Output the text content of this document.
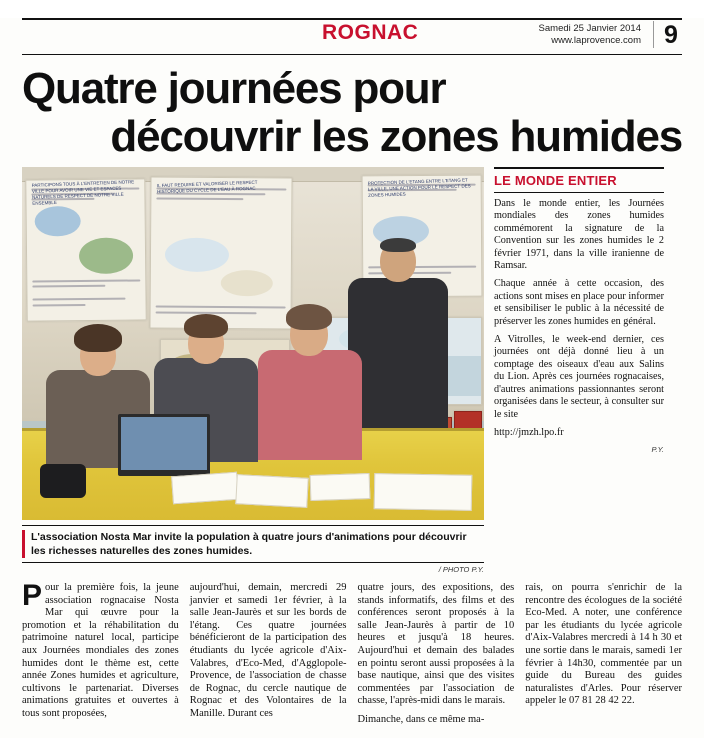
ROGNAC	Samedi 25 Janvier 2014
www.laprovence.com 9
Quatre journées pour
découvrir les zones humides
PARTICIPONS TOUS À L'ENTRETIEN DE NOTRE VILLE POUR AVOIR UNE VIE ET ESPACES NATURELS DE RESPECT DE NOTRE VILLE ENSEMBLE
IL FAUT REDUIRE ET VALORISER LE RESPECT HISTORIQUE DU CYCLE DE L'EAU À ROGNAC
PROTECTION DE L'ETANG ENTRE L'ETANG ET LA VILLE, UNE ACTION POUR LE RESPECT DES ZONES HUMIDES
L'association Nosta Mar invite la population à quatre jours d'animations pour découvrir les richesses naturelles des zones humides.
/ PHOTO P.Y.
LE MONDE ENTIER

Dans le monde entier, les Journées mondiales des zones humides commémorent la signature de la Convention sur les zones humides le 2 février 1971, dans la ville iranienne de Ramsar.

Chaque année à cette occasion, des actions sont mises en place pour informer et sensibiliser le public à la nécessité de préserver les zones humides en général.

A Vitrolles, le week-end dernier, ces journées ont déjà donné lieu à un comptage des oiseaux d'eau aux Salins du Lion. Après ces journées rognacaises, d'autres animations passionnantes seront organisées dans le secteur, à consulter sur le site

http://jmzh.lpo.fr

P.Y.
P our la première fois, la jeune association rognacaise Nosta Mar qui œuvre pour la promotion et la réhabilitation du patrimoine naturel local, participe aux Journées mondiales des zones humides dont le thème est, cette année Zones humides et agriculture, cultivons le partenariat. Diverses animations gratuites et ouvertes à tous sont proposées,

aujourd'hui, demain, mercredi 29 janvier et samedi 1er février, à la salle Jean-Jaurès et sur les bords de l'étang. Ces quatre journées bénéficieront de la participation des étudiants du lycée agricole d'Aix-Valabres, d'Eco-Med, d'Agglopole-Provence, de l'association de chasse de Rognac, du cercle nautique de Rognac et des Volontaires de la Manille. Durant ces

quatre jours, des expositions, des stands informatifs, des films et des conférences seront proposés à la salle Jean-Jaurès à partir de 10 heures et jusqu'à 18 heures. Aujourd'hui et demain des balades en pointu seront aussi proposées à la base nautique, ainsi que des visites commentées par l'association de chasse, l'après-midi dans le marais.

Dimanche, dans ce même ma-

rais, on pourra s'enrichir de la rencontre des écologues de la société Eco-Med. A noter, une conférence par les étudiants du lycée agricole d'Aix-Valabres mercredi à 14 h 30 et une sortie dans le marais, samedi 1er février à 14h30, commentée par un guide du Bureau des guides naturalistes d'Arles. Pour réserver appeler le 07 81 28 42 22.
